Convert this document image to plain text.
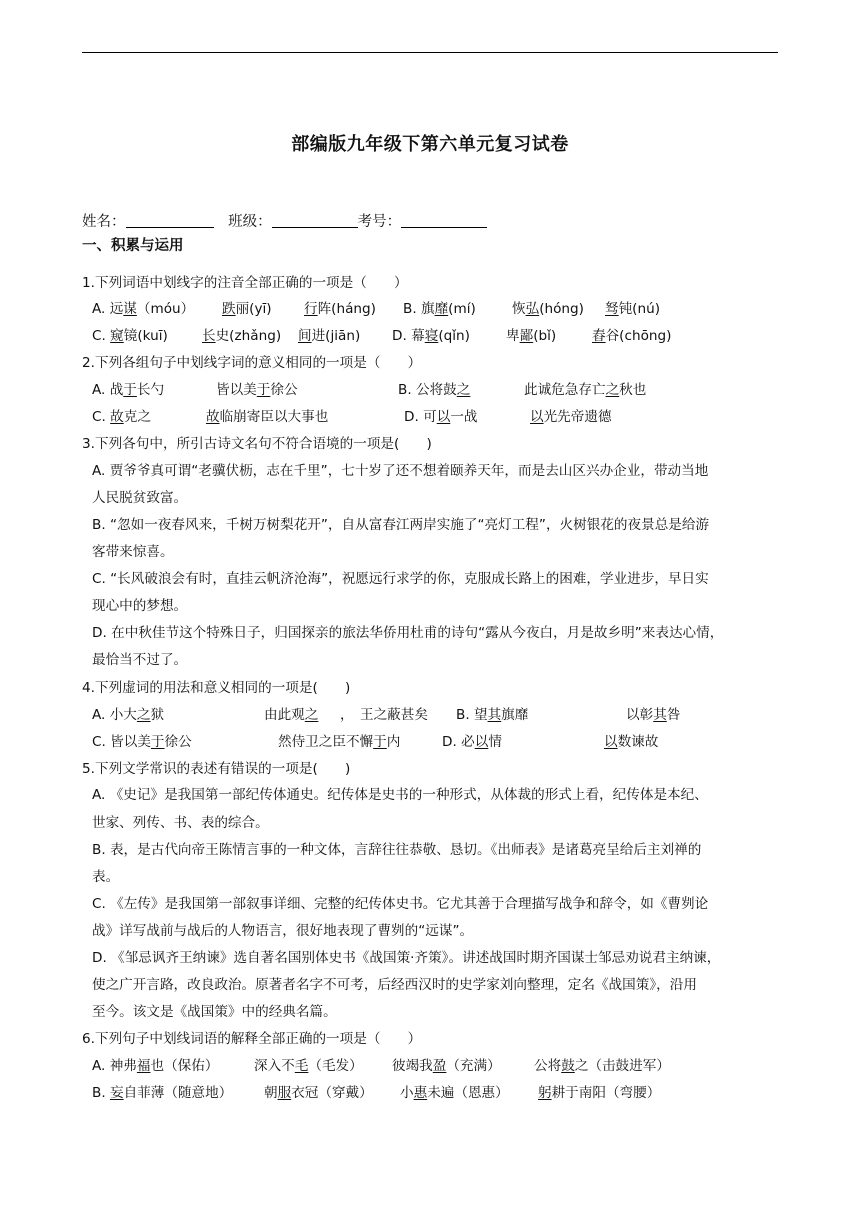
部编版九年级下第六单元复习试卷
姓名：	班级：	考号：
一、积累与运用
1.下列词语中划线字的注音全部正确的一项是（　　）
A. 远谋（móu） 跌丽(yī) 行阵(háng) B. 旗靡(mí)	恢弘(hóng) 驽钝(nú)
C. 窥镜(kuī)	长史(zhǎng) 间进(jiān) D. 幕寝(qǐn)	卑鄙(bǐ)	舂谷(chōng)
2.下列各组句子中划线字词的意义相同的一项是（　　）
A. 战于长勺	皆以美于徐公	B. 公将鼓之	此诚危急存亡之秋也
C. 故克之	故临崩寄臣以大事也	D. 可以一战	以光先帝遗德
3.下列各句中，所引古诗文名句不符合语境的一项是(　　)
A. 贾爷爷真可谓“老骥伏枥，志在千里”，七十岁了还不想着颐养天年，而是去山区兴办企业，带动当地
人民脱贫致富。
B. “忽如一夜春风来，千树万树梨花开”，自从富春江两岸实施了“亮灯工程”，火树银花的夜景总是给游
客带来惊喜。
C. “长风破浪会有时，直挂云帆济沧海”，祝愿远行求学的你，克服成长路上的困难，学业进步，早日实
现心中的梦想。
D. 在中秋佳节这个特殊日子，归国探亲的旅法华侨用杜甫的诗句“露从今夜白，月是故乡明”来表达心情，
最恰当不过了。
4.下列虚词的用法和意义相同的一项是(　　)
A. 小大之狱	由此观之 ， 王之蔽甚矣 B. 望其旗靡	以彰其咎
C. 皆以美于徐公	然侍卫之臣不懈于内	D. 必以情	以数谏故
5.下列文学常识的表述有错误的一项是(　　)
A. 《史记》是我国第一部纪传体通史。纪传体是史书的一种形式，从体裁的形式上看，纪传体是本纪、
世家、列传、书、表的综合。
B. 表，是古代向帝王陈情言事的一种文体，言辞往往恭敬、恳切。《出师表》是诸葛亮呈给后主刘禅的
表。
C. 《左传》是我国第一部叙事详细、完整的纪传体史书。它尤其善于合理描写战争和辞令，如《曹刿论
战》详写战前与战后的人物语言，很好地表现了曹刿的“远谋”。
D. 《邹忌讽齐王纳谏》选自著名国别体史书《战国策·齐策》。讲述战国时期齐国谋士邹忌劝说君主纳谏，
使之广开言路，改良政治。原著者名字不可考，后经西汉时的史学家刘向整理，定名《战国策》，沿用
至今。该文是《战国策》中的经典名篇。
6.下列句子中划线词语的解释全部正确的一项是（　　）
A. 神弗福也（保佑）	深入不毛（毛发） 彼竭我盈（充满） 公将鼓之（击鼓进军）
B. 妄自菲薄（随意地） 朝服衣冠（穿戴） 小惠未遍（恩惠） 躬耕于南阳（弯腰）
